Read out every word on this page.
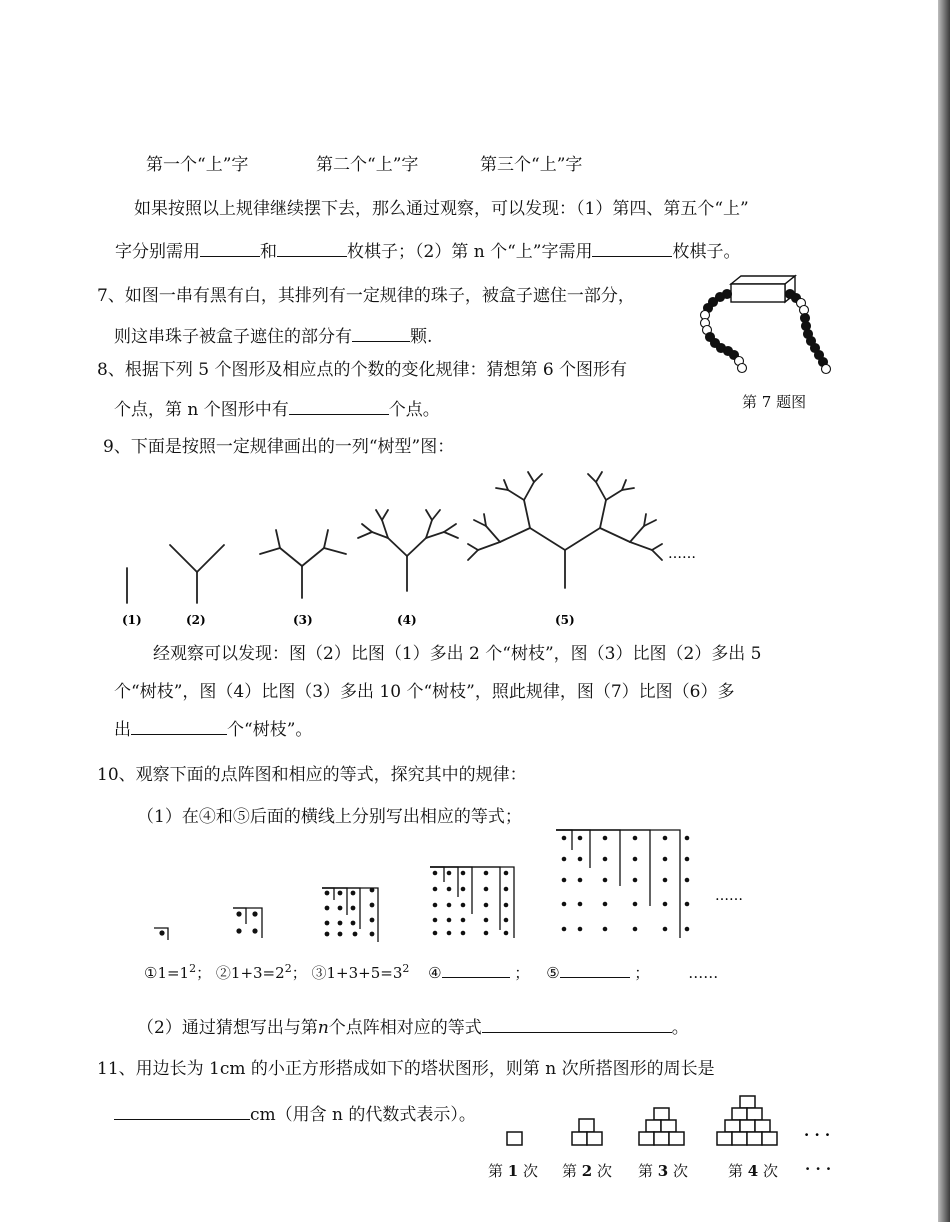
第一个“上”字	第二个“上”字	第三个“上”字
如果按照以上规律继续摆下去，那么通过观察，可以发现：（1）第四、第五个“上”
字分别需用	和	枚棋子；（2）第 n 个“上”字需用	枚棋子。
7、如图一串有黑有白，其排列有一定规律的珠子，被盒子遮住一部分，
则这串珠子被盒子遮住的部分有	颗.
第 7 题图
8、根据下列 5 个图形及相应点的个数的变化规律：猜想第 6 个图形有
个点，第 n 个图形中有	个点。
9、下面是按照一定规律画出的一列“树型”图：
(1)	(2)	(3)	(4)	(5)
……
经观察可以发现：图（2）比图（1）多出 2 个“树枝”，图（3）比图（2）多出 5
个“树枝”，图（4）比图（3）多出 10 个“树枝”，照此规律，图（7）比图（6）多
出	个“树枝”。
10、观察下面的点阵图和相应的等式，探究其中的规律：
（1）在④和⑤后面的横线上分别写出相应的等式；
……
$①1=1^2$； $②1+3=2^2$； $③1+3+5=3^2$ ④	； ⑤	；	……
（2）通过猜想写出与第n个点阵相对应的等式	。
11、用边长为 1cm 的小正方形搭成如下的塔状图形，则第 n 次所搭图形的周长是
cm（用含 n 的代数式表示）。
· · ·
第 1 次 第 2 次 第 3 次	第 4 次 · · ·
